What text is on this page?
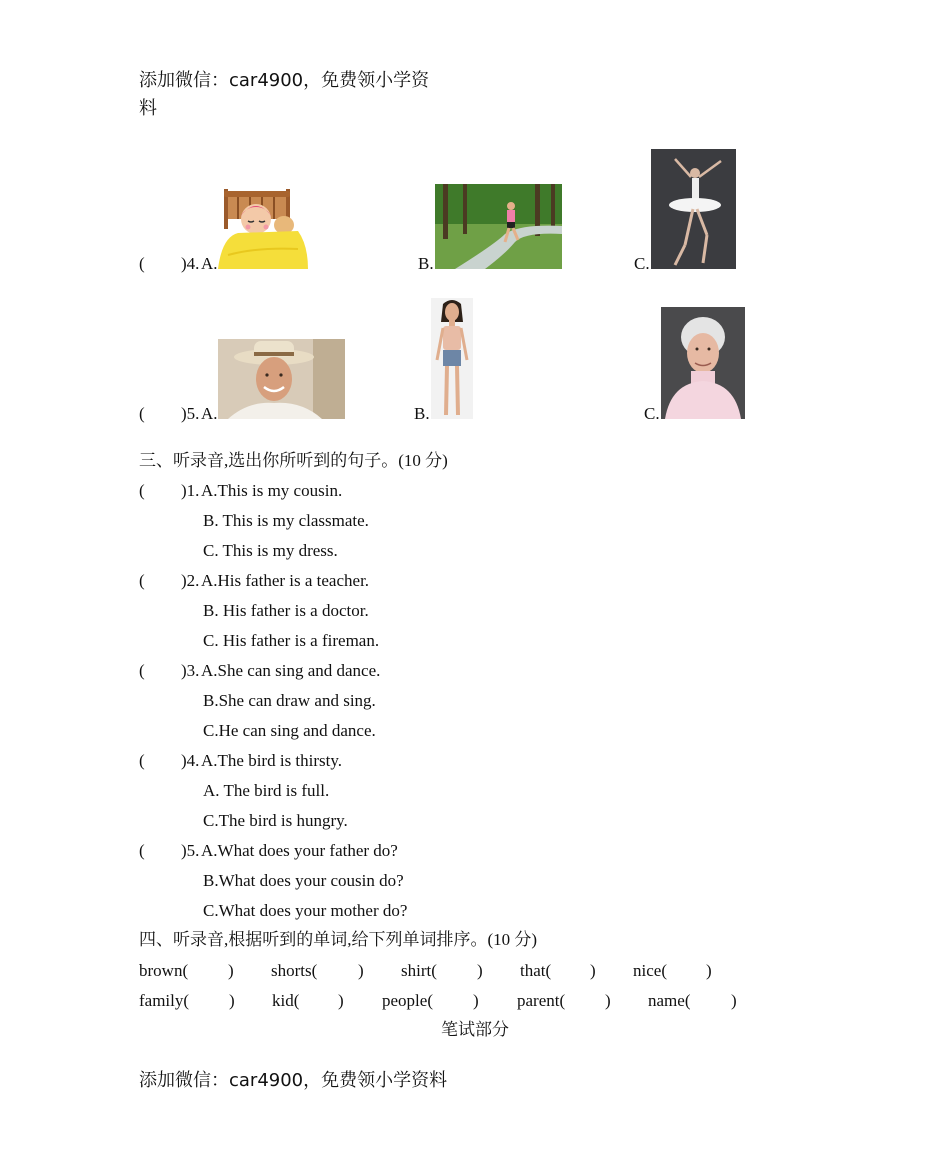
添加微信：car4900，免费领小学资
料
( )4. A.	B.	C.
( )5. A.	B.	C.
三、听录音,选出你所听到的句子。(10 分)
( )1. A.This is my cousin.
B. This is my classmate.
C. This is my dress.
( )2. A.His father is a teacher.
B. His father is a doctor.
C. His father is a fireman.
( )3. A.She can sing and dance.
B.She can draw and sing.
C.He can sing and dance.
( )4. A.The bird is thirsty.
A. The bird is full.
C.The bird is hungry.
( )5. A.What does your father do?
B.What does your cousin do?
C.What does your mother do?
四、听录音,根据听到的单词,给下列单词排序。(10 分)
brown( ) shorts( ) shirt( ) that( ) nice( )
family( ) kid( ) people( ) parent( ) name( )
笔试部分
添加微信：car4900，免费领小学资料
